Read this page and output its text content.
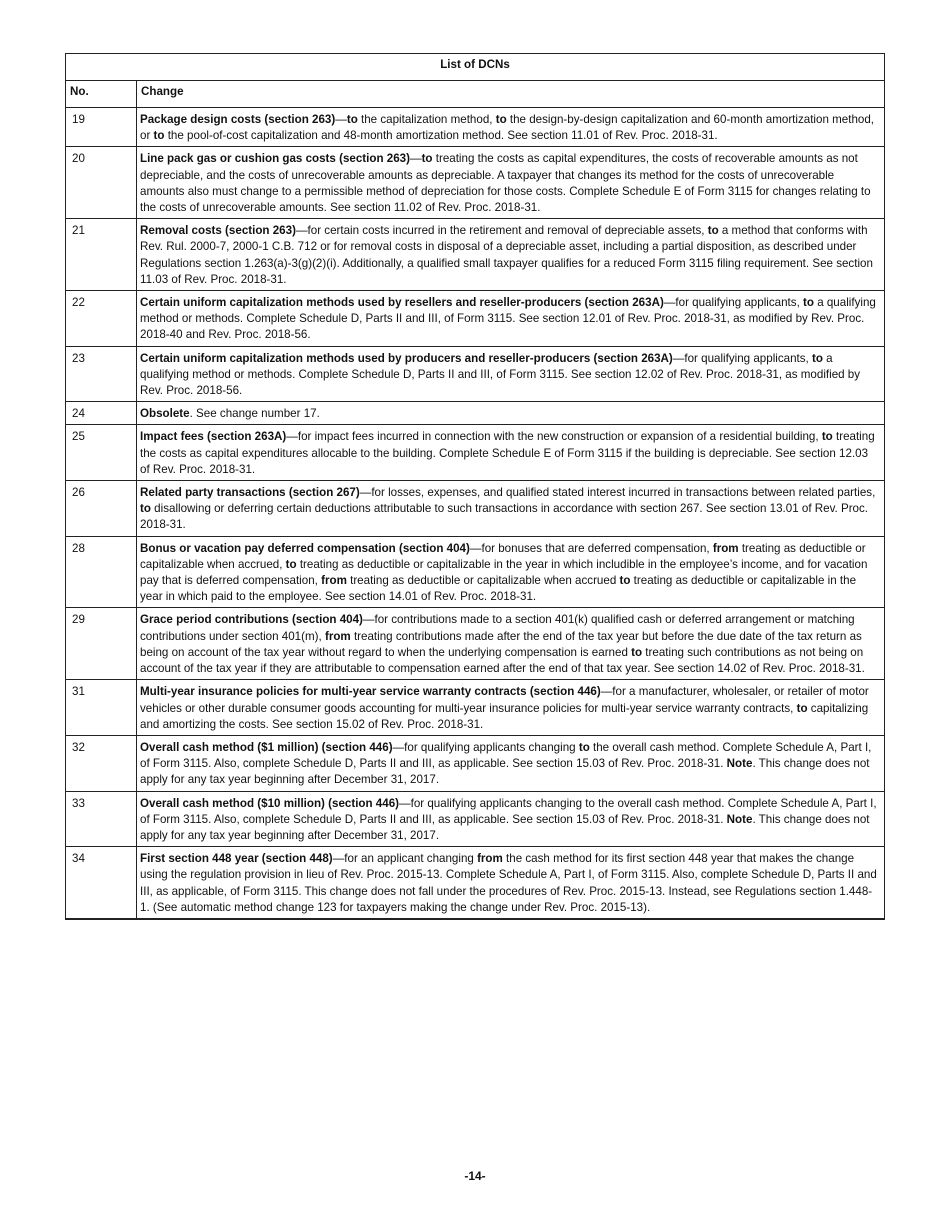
List of DCNs	
No.	Change
19	Package design costs (section 263)—to the capitalization method, to the design-by-design capitalization and 60-month amortization method, or to the pool-of-cost capitalization and 48-month amortization method. See section 11.01 of Rev. Proc. 2018-31.
20	Line pack gas or cushion gas costs (section 263)—to treating the costs as capital expenditures, the costs of recoverable amounts as not depreciable, and the costs of unrecoverable amounts as depreciable. A taxpayer that changes its method for the costs of unrecoverable amounts also must change to a permissible method of depreciation for those costs. Complete Schedule E of Form 3115 for changes relating to the costs of unrecoverable amounts. See section 11.02 of Rev. Proc. 2018-31.
21	Removal costs (section 263)—for certain costs incurred in the retirement and removal of depreciable assets, to a method that conforms with Rev. Rul. 2000-7, 2000-1 C.B. 712 or for removal costs in disposal of a depreciable asset, including a partial disposition, as described under Regulations section 1.263(a)-3(g)(2)(i). Additionally, a qualified small taxpayer qualifies for a reduced Form 3115 filing requirement. See section 11.03 of Rev. Proc. 2018-31.
22	Certain uniform capitalization methods used by resellers and reseller-producers (section 263A)—for qualifying applicants, to a qualifying method or methods. Complete Schedule D, Parts II and III, of Form 3115. See section 12.01 of Rev. Proc. 2018-31, as modified by Rev. Proc. 2018-40 and Rev. Proc. 2018-56.
23	Certain uniform capitalization methods used by producers and reseller-producers (section 263A)—for qualifying applicants, to a qualifying method or methods. Complete Schedule D, Parts II and III, of Form 3115. See section 12.02 of Rev. Proc. 2018-31, as modified by Rev. Proc. 2018-56.
24	Obsolete. See change number 17.
25	Impact fees (section 263A)—for impact fees incurred in connection with the new construction or expansion of a residential building, to treating the costs as capital expenditures allocable to the building. Complete Schedule E of Form 3115 if the building is depreciable. See section 12.03 of Rev. Proc. 2018-31.
26	Related party transactions (section 267)—for losses, expenses, and qualified stated interest incurred in transactions between related parties, to disallowing or deferring certain deductions attributable to such transactions in accordance with section 267. See section 13.01 of Rev. Proc. 2018-31.
28	Bonus or vacation pay deferred compensation (section 404)—for bonuses that are deferred compensation, from treating as deductible or capitalizable when accrued, to treating as deductible or capitalizable in the year in which includible in the employee’s income, and for vacation pay that is deferred compensation, from treating as deductible or capitalizable when accrued to treating as deductible or capitalizable in the year in which paid to the employee. See section 14.01 of Rev. Proc. 2018-31.
29	Grace period contributions (section 404)—for contributions made to a section 401(k) qualified cash or deferred arrangement or matching contributions under section 401(m), from treating contributions made after the end of the tax year but before the due date of the tax return as being on account of the tax year without regard to when the underlying compensation is earned to treating such contributions as not being on account of the tax year if they are attributable to compensation earned after the end of that tax year. See section 14.02 of Rev. Proc. 2018-31.
31	Multi-year insurance policies for multi-year service warranty contracts (section 446)—for a manufacturer, wholesaler, or retailer of motor vehicles or other durable consumer goods accounting for multi-year insurance policies for multi-year service warranty contracts, to capitalizing and amortizing the costs. See section 15.02 of Rev. Proc. 2018-31.
32	Overall cash method ($1 million) (section 446)—for qualifying applicants changing to the overall cash method. Complete Schedule A, Part I, of Form 3115. Also, complete Schedule D, Parts II and III, as applicable. See section 15.03 of Rev. Proc. 2018-31. Note. This change does not apply for any tax year beginning after December 31, 2017.
33	Overall cash method ($10 million) (section 446)—for qualifying applicants changing to the overall cash method. Complete Schedule A, Part I, of Form 3115. Also, complete Schedule D, Parts II and III, as applicable. See section 15.03 of Rev. Proc. 2018-31. Note. This change does not apply for any tax year beginning after December 31, 2017.
34	First section 448 year (section 448)—for an applicant changing from the cash method for its first section 448 year that makes the change using the regulation provision in lieu of Rev. Proc. 2015-13. Complete Schedule A, Part I, of Form 3115. Also, complete Schedule D, Parts II and III, as applicable, of Form 3115. This change does not fall under the procedures of Rev. Proc. 2015-13. Instead, see Regulations section 1.448-1. (See automatic method change 123 for taxpayers making the change under Rev. Proc. 2015-13).
-14-
